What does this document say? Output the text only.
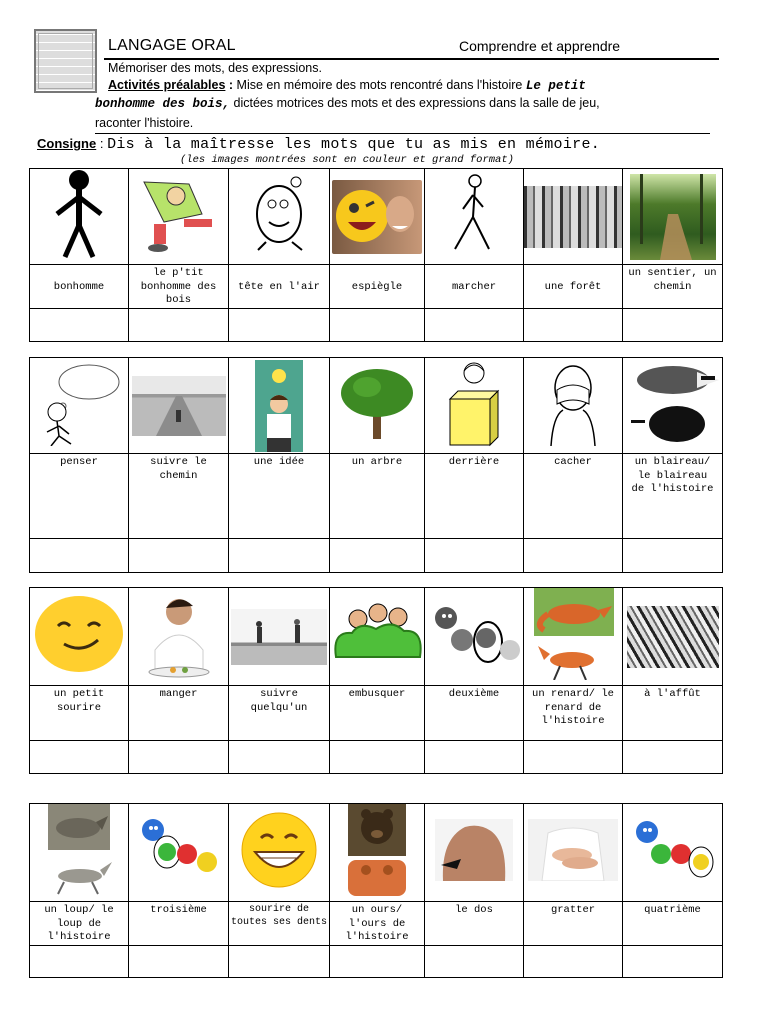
LANGAGE ORAL	Comprendre et apprendre
Mémoriser des mots, des expressions.
Activités préalables : Mise en mémoire des mots rencontré dans l'histoire Le petit
bonhomme des bois, dictées motrices des mots et des expressions dans la salle de jeu,
raconter l'histoire.
Consigne : Dis à la maîtresse les mots que tu as mis en mémoire.
(les images montrées sont en couleur et grand format)

bonhomme	le p'tit bonhomme des bois	tête en l'air	espiègle	marcher	une forêt	un sentier, un chemin

penser	suivre le chemin	une idée	un arbre	derrière	cacher	un blaireau/ le blaireau de l'histoire

un petit sourire	manger	suivre quelqu'un	embusquer	deuxième	un renard/ le renard de l'histoire	à l'affût

un loup/ le loup de l'histoire	troisième	sourire de toutes ses dents	un ours/ l'ours de l'histoire	le dos	gratter	quatrième
